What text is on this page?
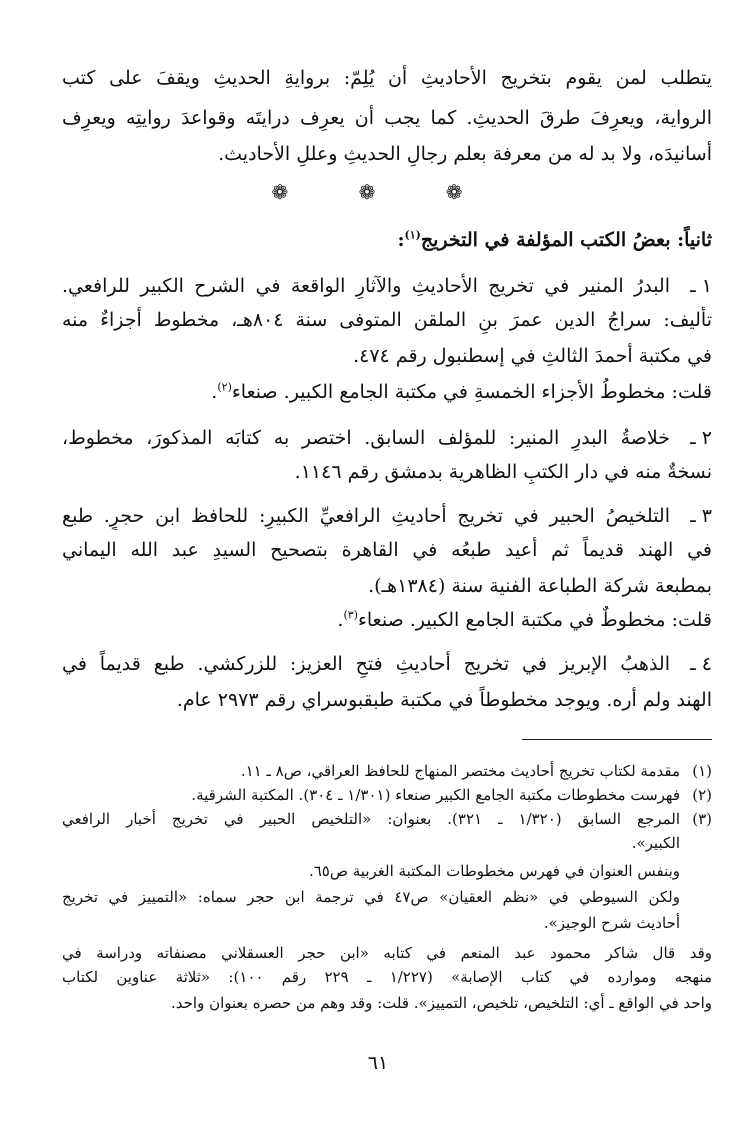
يتطلب لمن يقوم بتخريج الأحاديثِ أن يُلِمّ: بروايةِ الحديثِ ويقفَ على كتب
الرواية، ويعرِفَ طرقَ الحديثِ. كما يجب أن يعرِف درايتَه وقواعدَ روايتِه ويعرِف
أسانيدَه، ولا بد له من معرفة بعلم رجالِ الحديثِ وعللِ الأحاديث.
❁ ❁ ❁
ثانياً: بعضُ الكتب المؤلفة في التخريج$^{(١)}$:
١ ـ
البدرُ المنير في تخريج الأحاديثِ والآثارِ الواقعة في الشرح الكبير للرافعي.
تأليف: سراجُ الدين عمرَ بنِ الملقن المتوفى سنة ٨٠٤هـ، مخطوط أجزاءٌ منه
في مكتبة أحمدَ الثالثِ في إسطنبول رقم ٤٧٤.
قلت: مخطوطُ الأجزاء الخمسةِ في مكتبة الجامع الكبير. صنعاء$^{(٢)}$.
٢ ـ
خلاصةُ البدرِ المنير: للمؤلف السابق. اختصر به كتابَه المذكورَ، مخطوط،
نسخةٌ منه في دار الكتبِ الظاهرية بدمشق رقم ١١٤٦.
٣ ـ
التلخيصُ الحبير في تخريج أحاديثِ الرافعيِّ الكبيرِ: للحافظ ابن حجرٍ. طبع
في الهند قديماً ثم أعيد طبعُه في القاهرة بتصحيح السيدِ عبد الله اليماني
بمطبعة شركة الطباعة الفنية سنة (١٣٨٤هـ).
قلت: مخطوطٌ في مكتبة الجامع الكبير. صنعاء$^{(٣)}$.
٤ ـ
الذهبُ الإبريز في تخريج أحاديثِ فتحِ العزيز: للزركشي. طبع قديماً في
الهند ولم أره. ويوجد مخطوطاً في مكتبة طبقبوسراي رقم ٢٩٧٣ عام.
(١)
مقدمة لكتاب تخريج أحاديث مختصر المنهاج للحافظ العراقي، ص٨ ـ ١١.
(٢)
فهرست مخطوطات مكتبة الجامع الكبير صنعاء (١/٣٠١ ـ ٣٠٤). المكتبة الشرقية.
(٣)
المرجع السابق (١/٣٢٠ ـ ٣٢١). بعنوان: «التلخيص الحبير في تخريج أخبار الرافعي
الكبير».
وبنفس العنوان في فهرس مخطوطات المكتبة الغربية ص٦٥.
ولكن السيوطي في «نظم العقيان» ص٤٧ في ترجمة ابن حجر سماه: «التمييز في تخريج
أحاديث شرح الوجيز».
وقد قال شاكر محمود عبد المنعم في كتابه «ابن حجر العسقلاني مصنفاته ودراسة في
منهجه وموارده في كتاب الإصابة» (١/٢٢٧ ـ ٢٢٩ رقم ١٠٠): «ثلاثة عناوين لكتاب
واحد في الواقع ـ أي: التلخيص، تلخيص، التمييز». قلت: وقد وهم من حصره بعنوان واحد.
٦١
